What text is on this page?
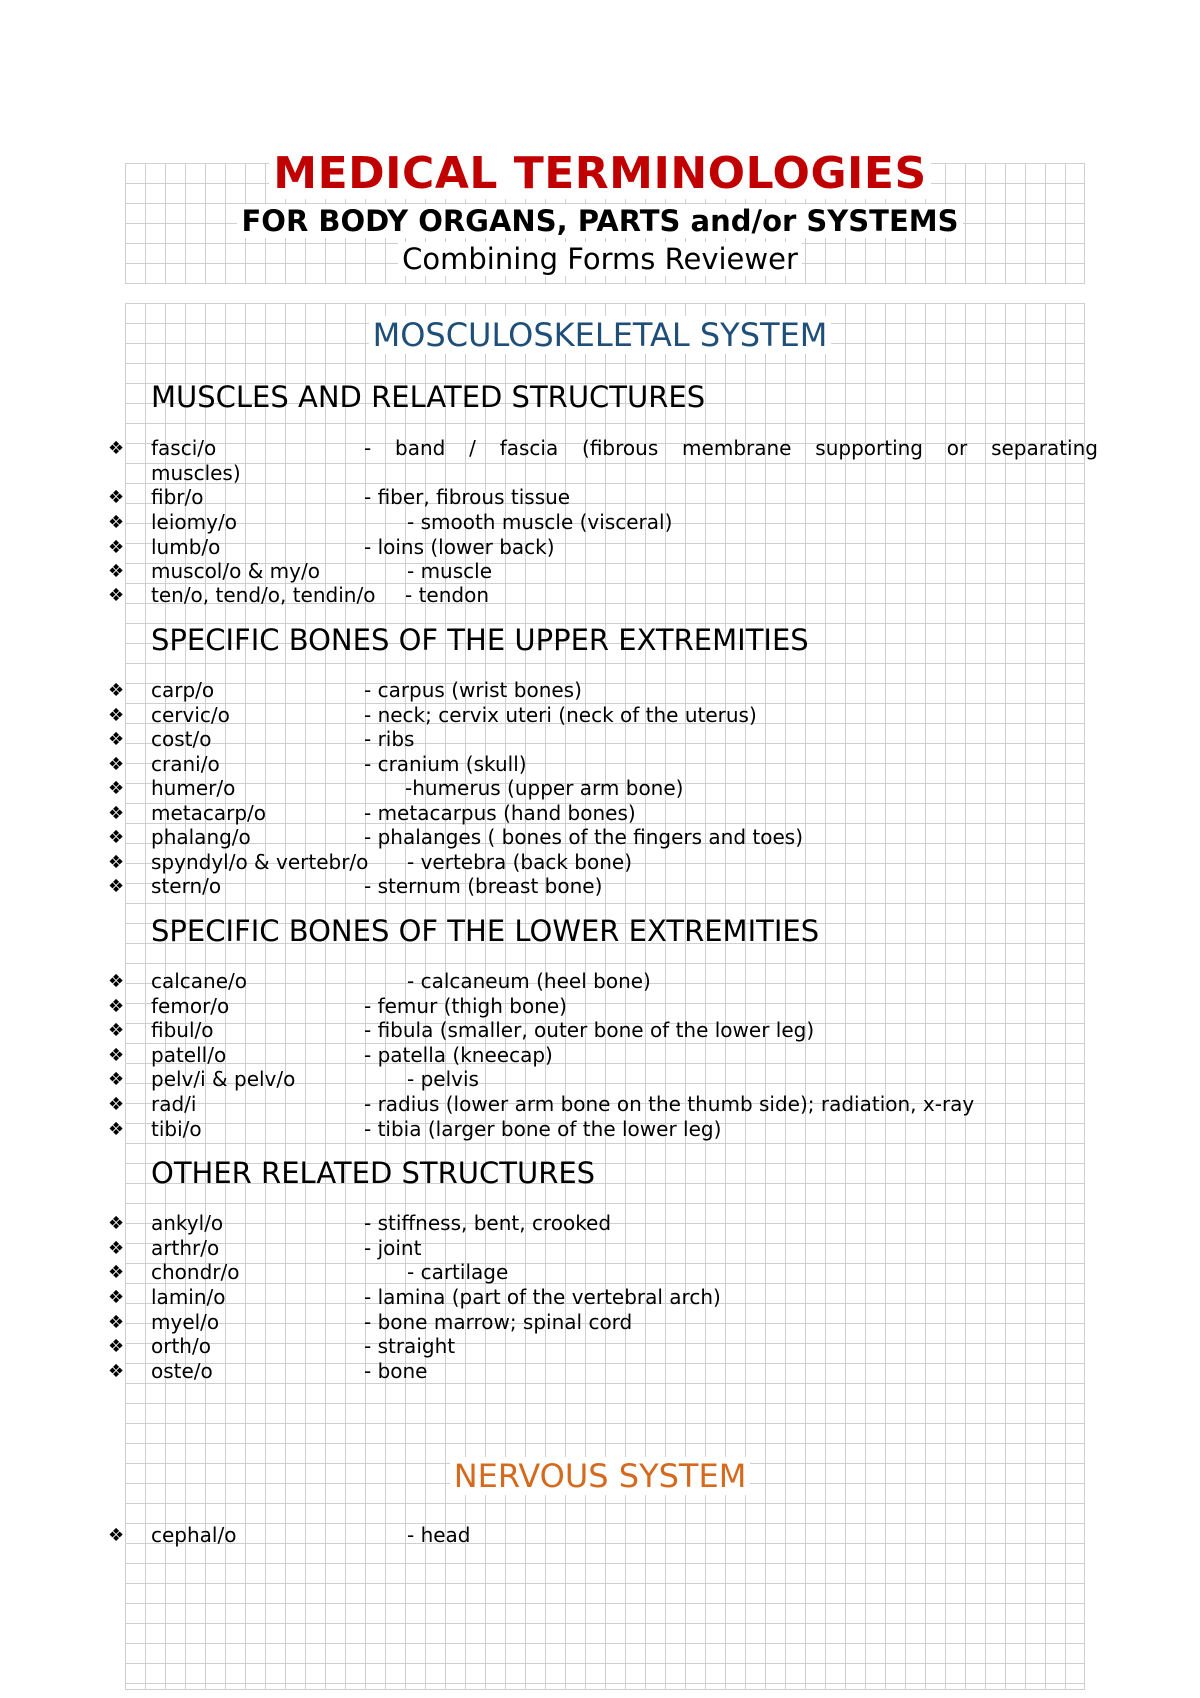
MEDICAL TERMINOLOGIES
FOR BODY ORGANS, PARTS and/or SYSTEMS
Combining Forms Reviewer
MOSCULOSKELETAL SYSTEM
MUSCLES AND RELATED STRUCTURES
❖ fasci/o	- band / fascia (fibrous membrane supporting or separating
muscles)
❖ fibr/o	- fiber, fibrous tissue
❖ leiomy/o	- smooth muscle (visceral)
❖ lumb/o	- loins (lower back)
❖ muscol/o & my/o	- muscle
❖ ten/o, tend/o, tendin/o - tendon
SPECIFIC BONES OF THE UPPER EXTREMITIES
❖ carp/o	- carpus (wrist bones)
❖ cervic/o	- neck; cervix uteri (neck of the uterus)
❖ cost/o	- ribs
❖ crani/o	- cranium (skull)
❖ humer/o	-humerus (upper arm bone)
❖ metacarp/o	- metacarpus (hand bones)
❖ phalang/o	- phalanges ( bones of the fingers and toes)
❖ spyndyl/o & vertebr/o - vertebra (back bone)
❖ stern/o	- sternum (breast bone)
SPECIFIC BONES OF THE LOWER EXTREMITIES
❖ calcane/o	- calcaneum (heel bone)
❖ femor/o	- femur (thigh bone)
❖ fibul/o	- fibula (smaller, outer bone of the lower leg)
❖ patell/o	- patella (kneecap)
❖ pelv/i & pelv/o	- pelvis
❖ rad/i	- radius (lower arm bone on the thumb side); radiation, x-ray
❖ tibi/o	- tibia (larger bone of the lower leg)
OTHER RELATED STRUCTURES
❖ ankyl/o	- stiffness, bent, crooked
❖ arthr/o	- joint
❖ chondr/o	- cartilage
❖ lamin/o	- lamina (part of the vertebral arch)
❖ myel/o	- bone marrow; spinal cord
❖ orth/o	- straight
❖ oste/o	- bone
NERVOUS SYSTEM
❖ cephal/o	- head
